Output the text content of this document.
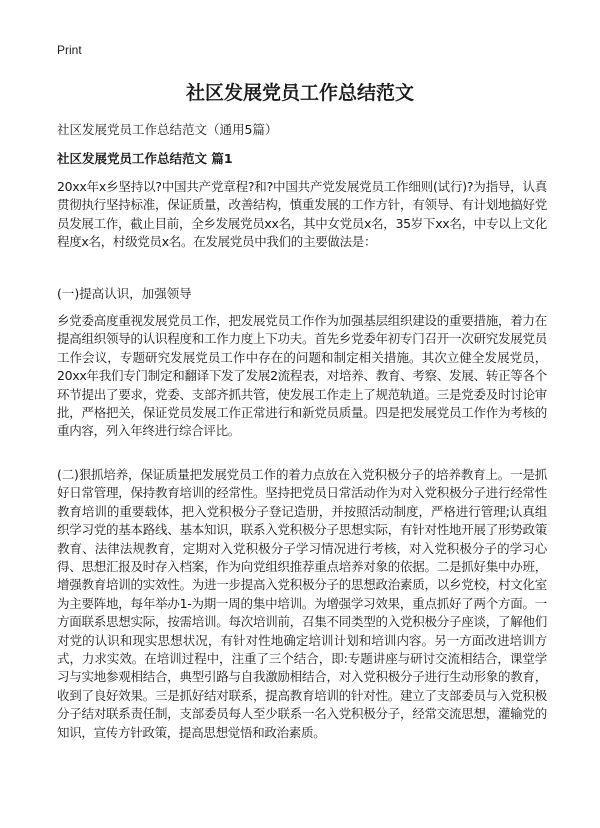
Print
社区发展党员工作总结范文

社区发展党员工作总结范文（通用5篇）

社区发展党员工作总结范文 篇1

20xx年x乡坚持以?中国共产党章程?和?中国共产党发展党员工作细则(试行)?为指导，认真贯彻执行坚持标准，保证质量，改善结构，慎重发展的工作方针，有领导、有计划地搞好党员发展工作，截止目前，全乡发展党员xx名，其中女党员x名，35岁下xx名，中专以上文化程度x名，村级党员x名。在发展党员中我们的主要做法是：

(一)提高认识，加强领导

乡党委高度重视发展党员工作，把发展党员工作作为加强基层组织建设的重要措施，着力在提高组织领导的认识程度和工作力度上下功夫。首先乡党委年初专门召开一次研究发展党员工作会议，专题研究发展党员工作中存在的问题和制定相关措施。其次立健全发展党员，20xx年我们专门制定和翻译下发了发展2流程表，对培养、教育、考察、发展、转正等各个环节提出了要求，党委、支部齐抓共管，使发展工作走上了规范轨道。三是党委及时讨论审批，严格把关，保证党员发展工作正常进行和新党员质量。四是把发展党员工作作为考核的重内容，列入年终进行综合评比。

(二)狠抓培养，保证质量把发展党员工作的着力点放在入党积极分子的培养教育上。一是抓好日常管理，保持教育培训的经常性。坚持把党员日常活动作为对入党积极分子进行经常性教育培训的重要载体，把入党积极分子登记造册，并按照活动制度，严格进行管理;认真组织学习党的基本路线、基本知识，联系入党积极分子思想实际，有针对性地开展了形势政策教育、法律法规教育，定期对入党积极分子学习情况进行考核，对入党积极分子的学习心得、思想汇报及时存入档案，作为向党组织推荐重点培养对象的依据。二是抓好集中办班，增强教育培训的实效性。为进一步提高入党积极分子的思想政治素质，以乡党校，村文化室为主要阵地，每年举办1-为期一周的集中培训。为增强学习效果，重点抓好了两个方面。一方面联系思想实际，按需培训。每次培训前，召集不同类型的入党积极分子座谈，了解他们对党的认识和现实思想状况，有针对性地确定培训计划和培训内容。另一方面改进培训方式，力求实效。在培训过程中，注重了三个结合，即:专题讲座与研讨交流相结合，课堂学习与实地参观相结合，典型引路与自我激励相结合，对入党积极分子进行生动形象的教育，收到了良好效果。三是抓好结对联系，提高教育培训的针对性。建立了支部委员与入党积极分子结对联系责任制，支部委员每人至少联系一名入党积极分子，经常交流思想，灌输党的知识，宣传方针政策，提高思想觉悟和政治素质。
